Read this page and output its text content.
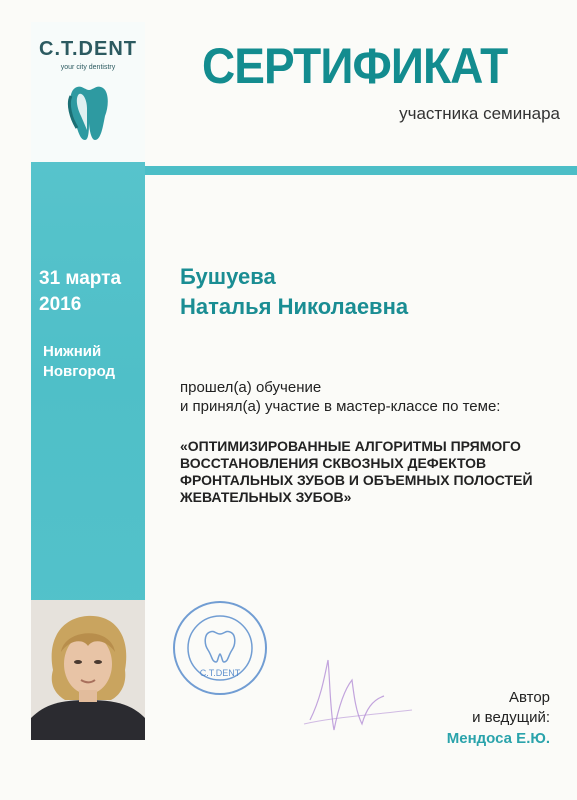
C.T.DENT
your city dentistry
31 марта
2016
Нижний
Новгород
СЕРТИФИКАТ
участника семинара
Бушуева
Наталья Николаевна
прошел(а) обучение
и принял(а) участие в мастер-классе по теме:
«ОПТИМИЗИРОВАННЫЕ АЛГОРИТМЫ ПРЯМОГО ВОССТАНОВЛЕНИЯ СКВОЗНЫХ ДЕФЕКТОВ ФРОНТАЛЬНЫХ ЗУБОВ И ОБЪЕМНЫХ ПОЛОСТЕЙ ЖЕВАТЕЛЬНЫХ ЗУБОВ»
C.T.DENT
Автор
и ведущий:
Мендоса Е.Ю.
